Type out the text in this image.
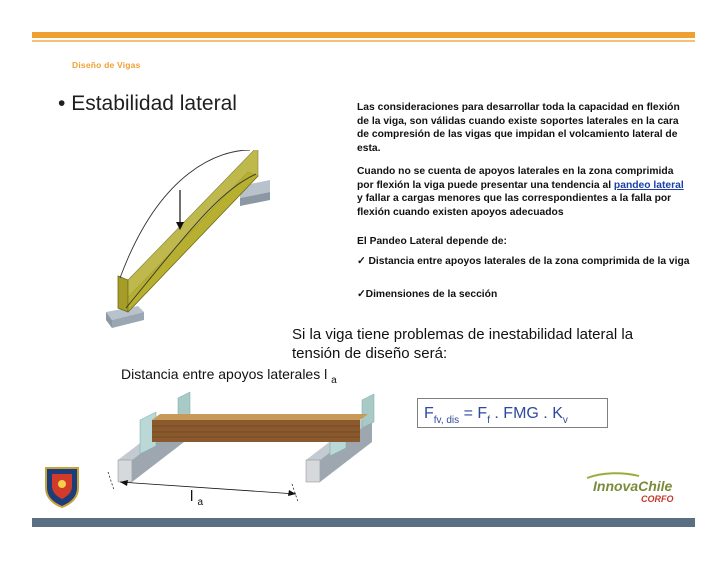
Diseño de Vigas
• Estabilidad lateral	Las consideraciones para desarrollar toda la capacidad en flexión de la viga, son válidas cuando existe soportes laterales en la cara de compresión de las vigas que impidan el volcamiento lateral de esta.
Cuando no se cuenta de apoyos laterales en la zona comprimida por flexión la viga puede presentar una tendencia al pandeo lateral y fallar a cargas menores que las correspondientes a la falla por flexión cuando existen apoyos adecuados
El Pandeo Lateral depende de:
✓ Distancia entre apoyos laterales de la zona comprimida de la viga
✓Dimensiones de la sección
Si la viga tiene problemas de inestabilidad lateral la tensión de diseño será:
Distancia entre apoyos laterales l $_a$
$F_{fv, dis} = F_f$ . FMG . $K_v$
l $_a$
InnovaChile
CORFO
